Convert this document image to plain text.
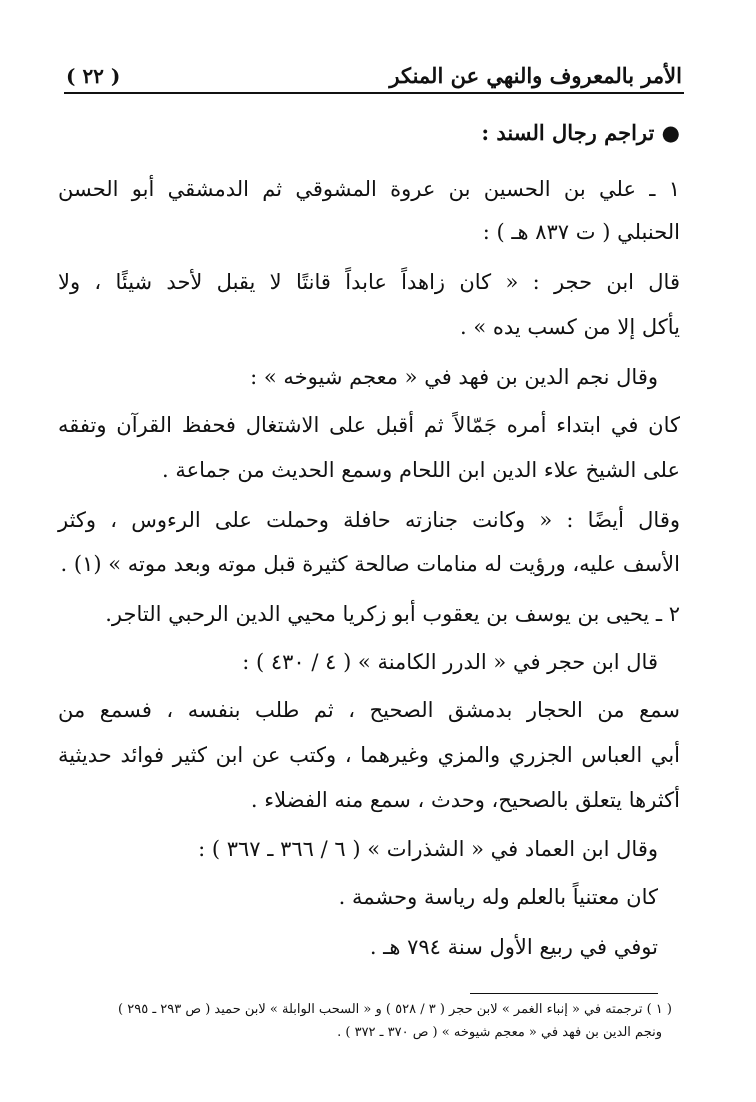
الأمر بالمعروف والنهي عن المنكر
( ٢٢ )

● تراجم رجال السند :

١ ـ علي بن الحسين بن عروة المشوقي ثم الدمشقي أبو الحسن

الحنبلي ( ت ٨٣٧ هـ ) :

قال ابن حجر : « كان زاهداً عابداً قانتًا لا يقبل لأحد شيئًا ، ولا

يأكل إلا من كسب يده » .

وقال نجم الدين بن فهد في « معجم شيوخه » :

كان في ابتداء أمره جَمّالاً ثم أقبل على الاشتغال فحفظ القرآن وتفقه

على الشيخ علاء الدين ابن اللحام وسمع الحديث من جماعة .

وقال أيضًا : « وكانت جنازته حافلة وحملت على الرءوس ، وكثر

الأسف عليه، ورؤيت له منامات صالحة كثيرة قبل موته وبعد موته » (١) .

٢ ـ يحيى بن يوسف بن يعقوب أبو زكريا محيي الدين الرحبي التاجر.

قال ابن حجر في « الدرر الكامنة » ( ٤ / ٤٣٠ ) :

سمع من الحجار بدمشق الصحيح ، ثم طلب بنفسه ، فسمع من

أبي العباس الجزري والمزي وغيرهما ، وكتب عن ابن كثير فوائد حديثية

أكثرها يتعلق بالصحيح، وحدث ، سمع منه الفضلاء .

وقال ابن العماد في « الشذرات » ( ٦ / ٣٦٦ ـ ٣٦٧ ) :

كان معتنياً بالعلم وله رياسة وحشمة .

توفي في ربيع الأول سنة ٧٩٤ هـ .

( ١ ) ترجمته في « إنباء الغمر » لابن حجر ( ٣ / ٥٢٨ ) و « السحب الوابلة » لابن حميد ( ص ٢٩٣ ـ ٢٩٥ )

ونجم الدين بن فهد في « معجم شيوخه » ( ص ٣٧٠ ـ ٣٧٢ ) .
